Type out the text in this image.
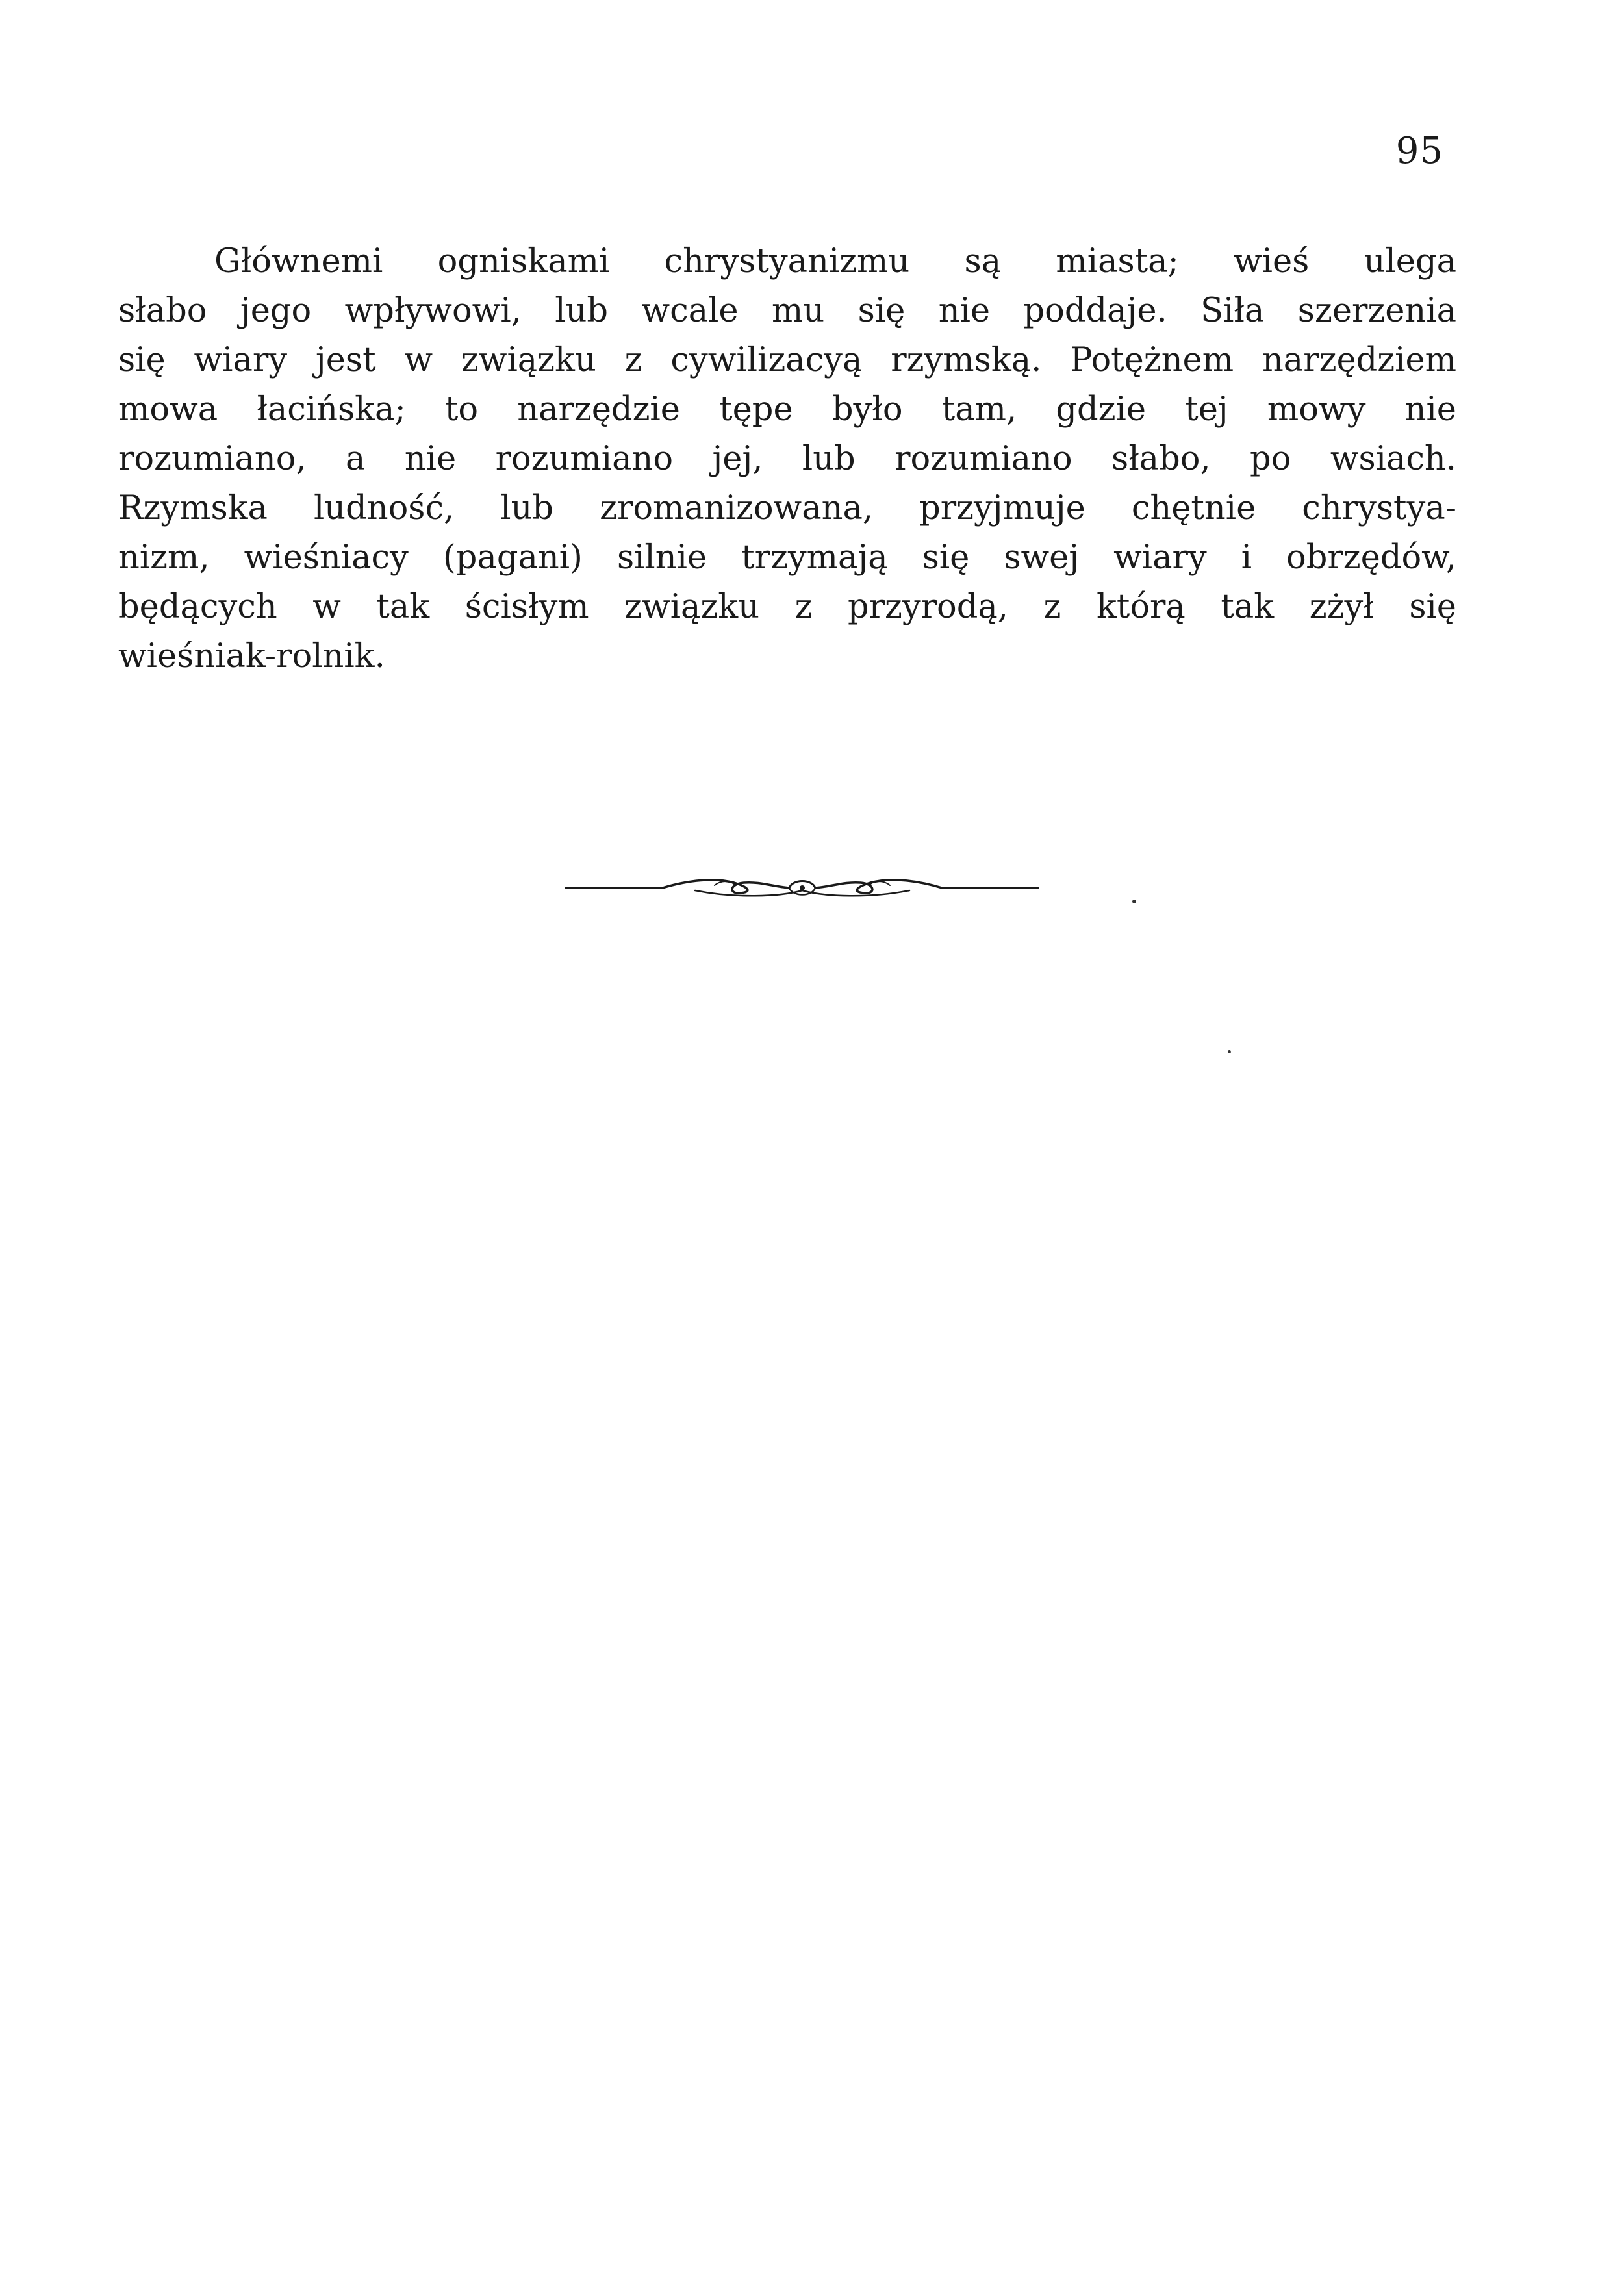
95
Głównemi ogniskami chrystyanizmu są miasta; wieś ulega
słabo jego wpływowi, lub wcale mu się nie poddaje. Siła szerzenia
się wiary jest w związku z cywilizacyą rzymską. Potężnem narzędziem
mowa łacińska; to narzędzie tępe było tam, gdzie tej mowy nie
rozumiano, a nie rozumiano jej, lub rozumiano słabo, po wsiach.
Rzymska ludność, lub zromanizowana, przyjmuje chętnie chrystya-
nizm, wieśniacy (pagani) silnie trzymają się swej wiary i obrzędów,
będących w tak ścisłym związku z przyrodą, z którą tak zżył się
wieśniak-rolnik.
